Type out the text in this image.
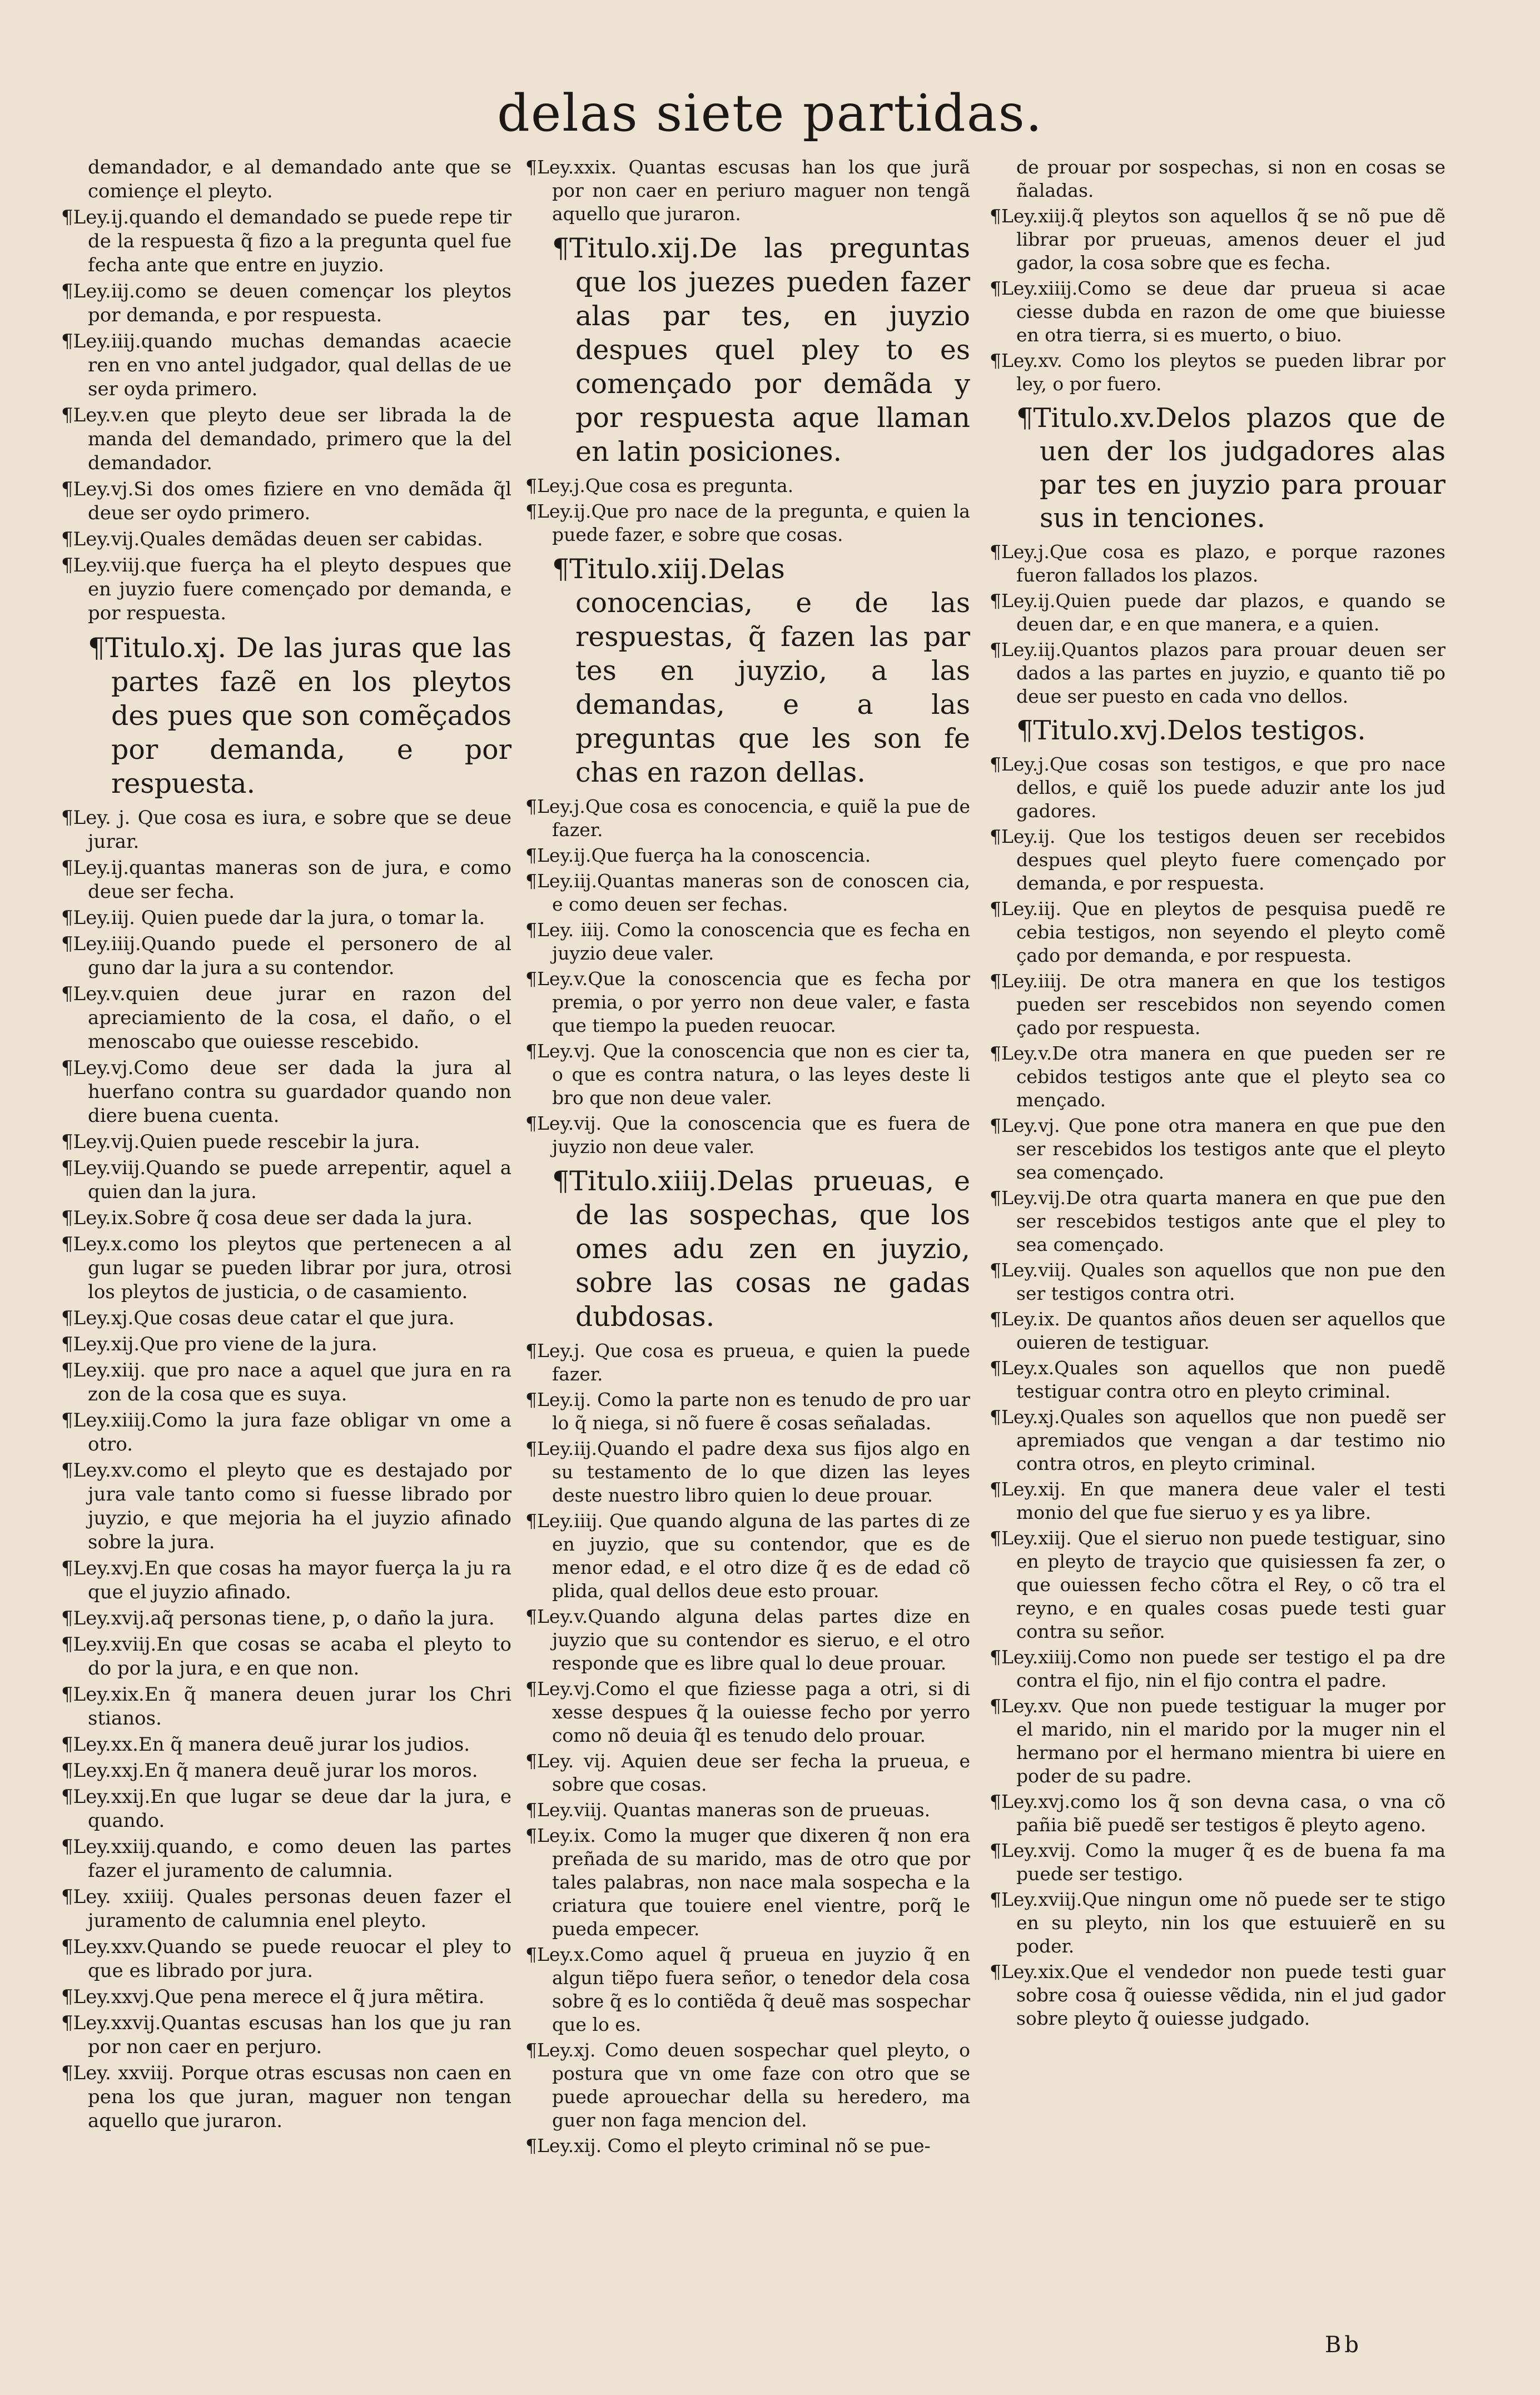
delas siete partidas.

demandador, e al demandado ante que se comiençe el pleyto.

¶Ley.ij.quando el demandado se puede repe tir de la respuesta q̃ fizo a la pregunta quel fue fecha ante que entre en juyzio.

¶Ley.iij.como se deuen començar los pleytos por demanda, e por respuesta.

¶Ley.iiij.quando muchas demandas acaecie ren en vno antel judgador, qual dellas de ue ser oyda primero.

¶Ley.v.en que pleyto deue ser librada la de manda del demandado, primero que la del demandador.

¶Ley.vj.Si dos omes fiziere en vno demãda q̃l deue ser oydo primero.

¶Ley.vij.Quales demãdas deuen ser cabidas.

¶Ley.viij.que fuerça ha el pleyto despues que en juyzio fuere començado por demanda, e por respuesta.

¶Titulo.xj. De las juras que las partes fazẽ en los pleytos des pues que son comẽçados por demanda, e por respuesta.

¶Ley. j. Que cosa es iura, e sobre que se deue jurar.

¶Ley.ij.quantas maneras son de jura, e como deue ser fecha.

¶Ley.iij. Quien puede dar la jura, o tomar la.

¶Ley.iiij.Quando puede el personero de al guno dar la jura a su contendor.

¶Ley.v.quien deue jurar en razon del apreciamiento de la cosa, el daño, o el menoscabo que ouiesse rescebido.

¶Ley.vj.Como deue ser dada la jura al huerfano contra su guardador quando non diere buena cuenta.

¶Ley.vij.Quien puede rescebir la jura.

¶Ley.viij.Quando se puede arrepentir, aquel a quien dan la jura.

¶Ley.ix.Sobre q̃ cosa deue ser dada la jura.

¶Ley.x.como los pleytos que pertenecen a al gun lugar se pueden librar por jura, otrosi los pleytos de justicia, o de casamiento.

¶Ley.xj.Que cosas deue catar el que jura.

¶Ley.xij.Que pro viene de la jura.

¶Ley.xiij. que pro nace a aquel que jura en ra zon de la cosa que es suya.

¶Ley.xiiij.Como la jura faze obligar vn ome a otro.

¶Ley.xv.como el pleyto que es destajado por jura vale tanto como si fuesse librado por juyzio, e que mejoria ha el juyzio afinado sobre la jura.

¶Ley.xvj.En que cosas ha mayor fuerça la ju ra que el juyzio afinado.

¶Ley.xvij.aq̃ personas tiene, p, o daño la jura.

¶Ley.xviij.En que cosas se acaba el pleyto to do por la jura, e en que non.

¶Ley.xix.En q̃ manera deuen jurar los Chri stianos.

¶Ley.xx.En q̃ manera deuẽ jurar los judios.

¶Ley.xxj.En q̃ manera deuẽ jurar los moros.

¶Ley.xxij.En que lugar se deue dar la jura, e quando.

¶Ley.xxiij.quando, e como deuen las partes fazer el juramento de calumnia.

¶Ley. xxiiij. Quales personas deuen fazer el juramento de calumnia enel pleyto.

¶Ley.xxv.Quando se puede reuocar el pley to que es librado por jura.

¶Ley.xxvj.Que pena merece el q̃ jura mẽtira.

¶Ley.xxvij.Quantas escusas han los que ju ran por non caer en perjuro.

¶Ley. xxviij. Porque otras escusas non caen en pena los que juran, maguer non tengan aquello que juraron.

¶Ley.xxix. Quantas escusas han los que jurã por non caer en periuro maguer non tengã aquello que juraron.

¶Titulo.xij.De las preguntas que los juezes pueden fazer alas par tes, en juyzio despues quel pley to es començado por demãda y por respuesta aque llaman en latin posiciones.

¶Ley.j.Que cosa es pregunta.

¶Ley.ij.Que pro nace de la pregunta, e quien la puede fazer, e sobre que cosas.

¶Titulo.xiij.Delas conocencias, e de las respuestas, q̃ fazen las par tes en juyzio, a las demandas, e a las preguntas que les son fe chas en razon dellas.

¶Ley.j.Que cosa es conocencia, e quiẽ la pue de fazer.

¶Ley.ij.Que fuerça ha la conoscencia.

¶Ley.iij.Quantas maneras son de conoscen cia, e como deuen ser fechas.

¶Ley. iiij. Como la conoscencia que es fecha en juyzio deue valer.

¶Ley.v.Que la conoscencia que es fecha por premia, o por yerro non deue valer, e fasta que tiempo la pueden reuocar.

¶Ley.vj. Que la conoscencia que non es cier ta, o que es contra natura, o las leyes deste li bro que non deue valer.

¶Ley.vij. Que la conoscencia que es fuera de juyzio non deue valer.

¶Titulo.xiiij.Delas prueuas, e de las sospechas, que los omes adu zen en juyzio, sobre las cosas ne gadas dubdosas.

¶Ley.j. Que cosa es prueua, e quien la puede fazer.

¶Ley.ij. Como la parte non es tenudo de pro uar lo q̃ niega, si nõ fuere ẽ cosas señaladas.

¶Ley.iij.Quando el padre dexa sus fijos algo en su testamento de lo que dizen las leyes deste nuestro libro quien lo deue prouar.

¶Ley.iiij. Que quando alguna de las partes di ze en juyzio, que su contendor, que es de menor edad, e el otro dize q̃ es de edad cõ plida, qual dellos deue esto prouar.

¶Ley.v.Quando alguna delas partes dize en juyzio que su contendor es sieruo, e el otro responde que es libre qual lo deue prouar.

¶Ley.vj.Como el que fiziesse paga a otri, si di xesse despues q̃ la ouiesse fecho por yerro como nõ deuia q̃l es tenudo delo prouar.

¶Ley. vij. Aquien deue ser fecha la prueua, e sobre que cosas.

¶Ley.viij. Quantas maneras son de prueuas.

¶Ley.ix. Como la muger que dixeren q̃ non era preñada de su marido, mas de otro que por tales palabras, non nace mala sospecha e la criatura que touiere enel vientre, porq̃ le pueda empecer.

¶Ley.x.Como aquel q̃ prueua en juyzio q̃ en algun tiẽpo fuera señor, o tenedor dela cosa sobre q̃ es lo contiẽda q̃ deuẽ mas sospechar que lo es.

¶Ley.xj. Como deuen sospechar quel pleyto, o postura que vn ome faze con otro que se puede aprouechar della su heredero, ma guer non faga mencion del.

¶Ley.xij. Como el pleyto criminal nõ se pue-

de prouar por sospechas, si non en cosas se ñaladas.

¶Ley.xiij.q̃ pleytos son aquellos q̃ se nõ pue dẽ librar por prueuas, amenos deuer el jud gador, la cosa sobre que es fecha.

¶Ley.xiiij.Como se deue dar prueua si acae ciesse dubda en razon de ome que biuiesse en otra tierra, si es muerto, o biuo.

¶Ley.xv. Como los pleytos se pueden librar por ley, o por fuero.

¶Titulo.xv.Delos plazos que de uen der los judgadores alas par tes en juyzio para prouar sus in tenciones.

¶Ley.j.Que cosa es plazo, e porque razones fueron fallados los plazos.

¶Ley.ij.Quien puede dar plazos, e quando se deuen dar, e en que manera, e a quien.

¶Ley.iij.Quantos plazos para prouar deuen ser dados a las partes en juyzio, e quanto tiẽ po deue ser puesto en cada vno dellos.

¶Titulo.xvj.Delos testigos.

¶Ley.j.Que cosas son testigos, e que pro nace dellos, e quiẽ los puede aduzir ante los jud gadores.

¶Ley.ij. Que los testigos deuen ser recebidos despues quel pleyto fuere començado por demanda, e por respuesta.

¶Ley.iij. Que en pleytos de pesquisa puedẽ re cebia testigos, non seyendo el pleyto comẽ çado por demanda, e por respuesta.

¶Ley.iiij. De otra manera en que los testigos pueden ser rescebidos non seyendo comen çado por respuesta.

¶Ley.v.De otra manera en que pueden ser re cebidos testigos ante que el pleyto sea co mençado.

¶Ley.vj. Que pone otra manera en que pue den ser rescebidos los testigos ante que el pleyto sea començado.

¶Ley.vij.De otra quarta manera en que pue den ser rescebidos testigos ante que el pley to sea començado.

¶Ley.viij. Quales son aquellos que non pue den ser testigos contra otri.

¶Ley.ix. De quantos años deuen ser aquellos que ouieren de testiguar.

¶Ley.x.Quales son aquellos que non puedẽ testiguar contra otro en pleyto criminal.

¶Ley.xj.Quales son aquellos que non puedẽ ser apremiados que vengan a dar testimo nio contra otros, en pleyto criminal.

¶Ley.xij. En que manera deue valer el testi monio del que fue sieruo y es ya libre.

¶Ley.xiij. Que el sieruo non puede testiguar, sino en pleyto de traycio que quisiessen fa zer, o que ouiessen fecho cõtra el Rey, o cõ tra el reyno, e en quales cosas puede testi guar contra su señor.

¶Ley.xiiij.Como non puede ser testigo el pa dre contra el fijo, nin el fijo contra el padre.

¶Ley.xv. Que non puede testiguar la muger por el marido, nin el marido por la muger nin el hermano por el hermano mientra bi uiere en poder de su padre.

¶Ley.xvj.como los q̃ son devna casa, o vna cõ pañia biẽ puedẽ ser testigos ẽ pleyto ageno.

¶Ley.xvij. Como la muger q̃ es de buena fa ma puede ser testigo.

¶Ley.xviij.Que ningun ome nõ puede ser te stigo en su pleyto, nin los que estuuierẽ en su poder.

¶Ley.xix.Que el vendedor non puede testi guar sobre cosa q̃ ouiesse vẽdida, nin el jud gador sobre pleyto q̃ ouiesse judgado.

Bb
